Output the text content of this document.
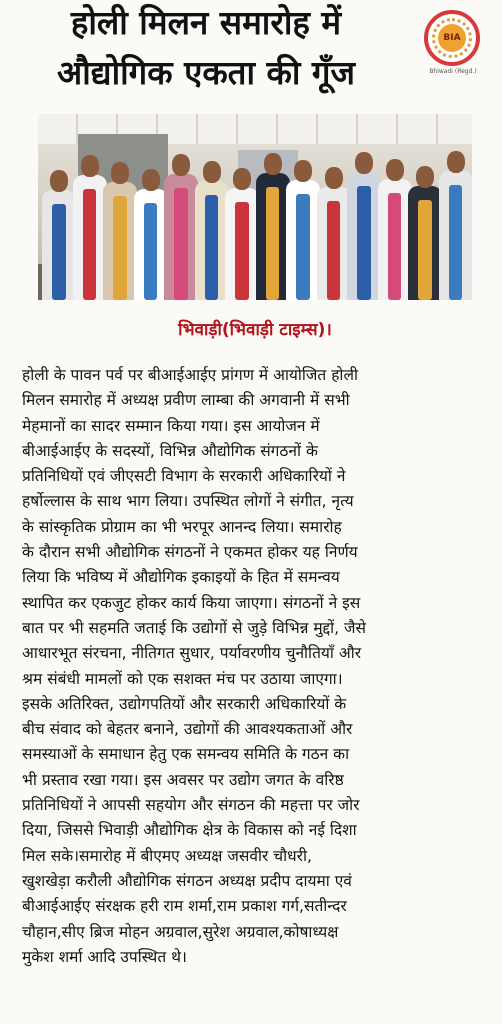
होली मिलन समारोह में
औद्योगिक एकता की गूँज
BIA
Bhiwadi (Regd.)
भिवाड़ी(भिवाड़ी टाइम्स)।
होली के पावन पर्व पर बीआईआईए प्रांगण में आयोजित होली
मिलन समारोह में अध्यक्ष प्रवीण लाम्बा की अगवानी में सभी
मेहमानों का सादर सम्मान किया गया। इस आयोजन में
बीआईआईए के सदस्यों, विभिन्न औद्योगिक संगठनों के
प्रतिनिधियों एवं जीएसटी विभाग के सरकारी अधिकारियों ने
हर्षोल्लास के साथ भाग लिया। उपस्थित लोगों ने संगीत, नृत्य
के सांस्कृतिक प्रोग्राम का भी भरपूर आनन्द लिया। समारोह
के दौरान सभी औद्योगिक संगठनों ने एकमत होकर यह निर्णय
लिया कि भविष्य में औद्योगिक इकाइयों के हित में समन्वय
स्थापित कर एकजुट होकर कार्य किया जाएगा। संगठनों ने इस
बात पर भी सहमति जताई कि उद्योगों से जुड़े विभिन्न मुद्दों, जैसे
आधारभूत संरचना, नीतिगत सुधार, पर्यावरणीय चुनौतियाँ और
श्रम संबंधी मामलों को एक सशक्त मंच पर उठाया जाएगा।
इसके अतिरिक्त, उद्योगपतियों और सरकारी अधिकारियों के
बीच संवाद को बेहतर बनाने, उद्योगों की आवश्यकताओं और
समस्याओं के समाधान हेतु एक समन्वय समिति के गठन का
भी प्रस्ताव रखा गया। इस अवसर पर उद्योग जगत के वरिष्ठ
प्रतिनिधियों ने आपसी सहयोग और संगठन की महत्ता पर जोर
दिया, जिससे भिवाड़ी औद्योगिक क्षेत्र के विकास को नई दिशा
मिल सके।समारोह में बीएमए अध्यक्ष जसवीर चौधरी,
खुशखेड़ा करौली औद्योगिक संगठन अध्यक्ष प्रदीप दायमा एवं
बीआईआईए संरक्षक हरी राम शर्मा,राम प्रकाश गर्ग,सतीन्दर
चौहान,सीए ब्रिज मोहन अग्रवाल,सुरेश अग्रवाल,कोषाध्यक्ष
मुकेश शर्मा आदि उपस्थित थे।
